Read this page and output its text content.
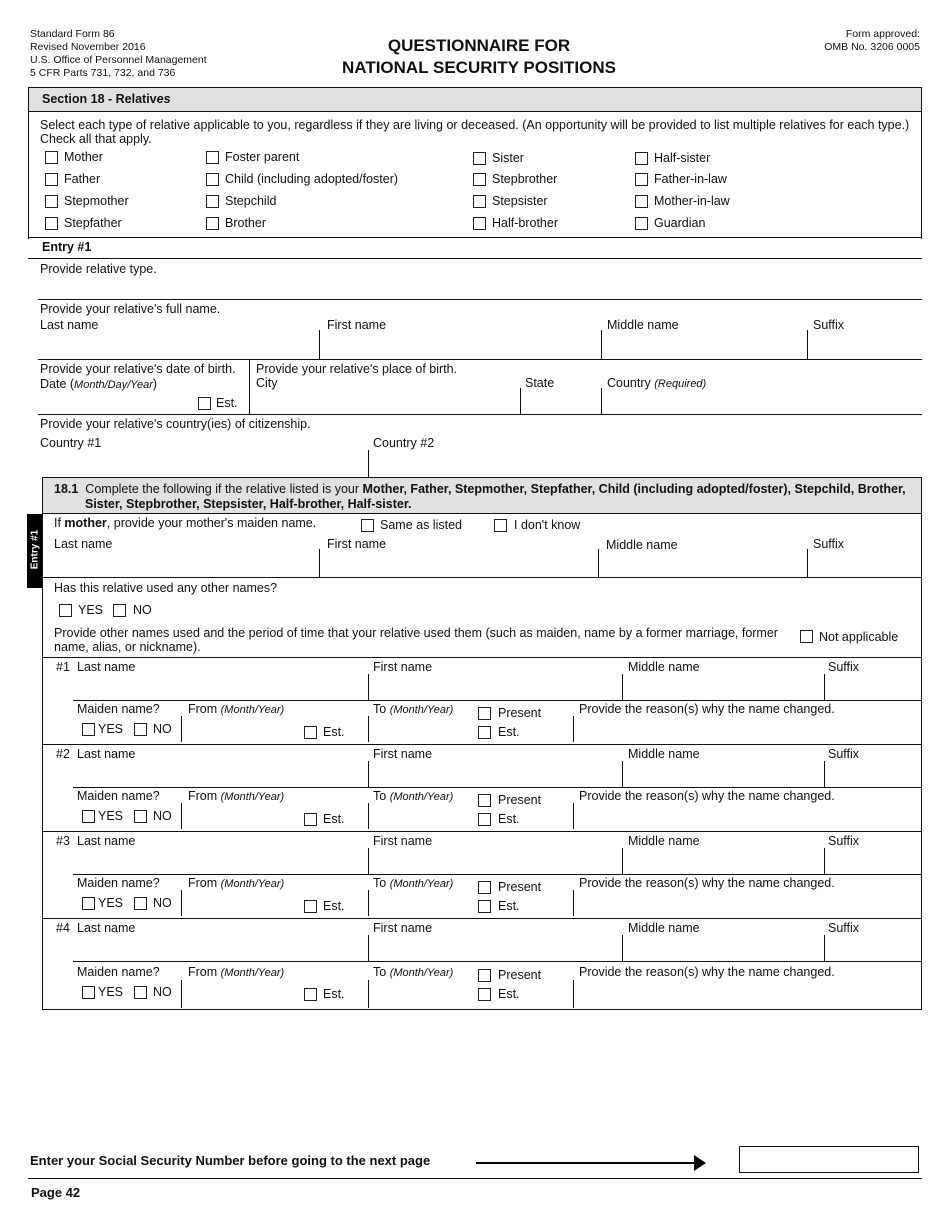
Standard Form 86
Revised November 2016
U.S. Office of Personnel Management
5 CFR Parts 731, 732, and 736
QUESTIONNAIRE FOR
NATIONAL SECURITY POSITIONS
Form approved:
OMB No. 3206 0005
Section 18 - Relatives
Select each type of relative applicable to you, regardless if they are living or deceased. (An opportunity will be provided to list multiple relatives for each type.)
Check all that apply.
Mother
Father
Stepmother
Stepfather
Foster parent
Child (including adopted/foster)
Stepchild
Brother
Sister
Stepbrother
Stepsister
Half-brother
Half-sister
Father-in-law
Mother-in-law
Guardian
Entry #1
Provide relative type.
Provide your relative's full name.
Last name	First name	Middle name	Suffix
Provide your relative's date of birth.
Date (Month/Day/Year)
Est.
Provide your relative's place of birth.
City	State	Country (Required)
Provide your relative's country(ies) of citizenship.
Country #1	Country #2
18.1 Complete the following if the relative listed is your Mother, Father, Stepmother, Stepfather, Child (including adopted/foster), Stepchild, Brother,
Sister, Stepbrother, Stepsister, Half-brother, Half-sister.
Entry #1
If mother, provide your mother's maiden name.	Same as listed	I don't know
Last name	First name	Middle name	Suffix
Has this relative used any other names?
YES NO
Provide other names used and the period of time that your relative used them (such as maiden, name by a former marriage, former
name, alias, or nickname).
Not applicable
#1 Last name	First name	Middle name	Suffix
Maiden name?
YES NO
From (Month/Year)
Est.
To (Month/Year)	Present
Est.
Provide the reason(s) why the name changed.
#2 Last name	First name	Middle name	Suffix
Maiden name?
YES NO
From (Month/Year)
Est.
To (Month/Year)	Present
Est.
Provide the reason(s) why the name changed.
#3 Last name	First name	Middle name	Suffix
Maiden name?
YES NO
From (Month/Year)
Est.
To (Month/Year)	Present
Est.
Provide the reason(s) why the name changed.
#4 Last name	First name	Middle name	Suffix
Maiden name?
YES NO
From (Month/Year)
Est.
To (Month/Year)	Present
Est.
Provide the reason(s) why the name changed.
Enter your Social Security Number before going to the next page
Page 42
